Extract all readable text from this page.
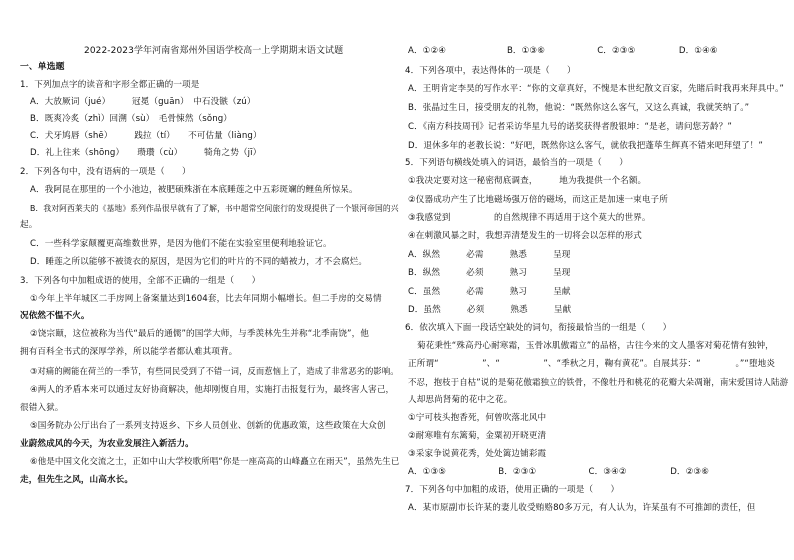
2022-2023学年河南省郑州外国语学校高一上学期期末语文试题
一、单选题
1．下列加点字的读音和字形全都正确的一项是
A．大放厥词（jué）　　　冠冕（guān）　中石没镞（zú）
B．既爽冷炙（zhì）回溯（sù）　毛骨悚然（sǒng）
C．犬牙鸠唇（shē）　　　践拉（tí）　　不可估量（liàng）
D．礼上往来（shōng）　　瓒瓚（cù）　　　犄角之势（jī）
2．下列各句中，没有语病的一项是（　　）
A．我阿昆在那里的一个小池边，被肥硕殊浙在本底睡莲之中五彩斑斓的鲤鱼所惊呆。
B．我对阿西莱夫的《基地》系列作品很早就有了了解，书中超常空间旅行的发现提供了一个银河帝国的兴
起。
C．一些科学家颠覆更高维数世界，是因为他们不能在实验室里便利地验证它。
D．睡莲之所以能够不被烫衣的原因，是因为它们的叶片的不同的蜡被力，才不会腐烂。
3．下列各句中加粗成语的使用，全部不正确的一组是（　　）
①今年上半年城区二手房网上备案量达到1604套，比去年同期小幅增长。但二手房的交易情
况依然不愠不火。
②饶宗颐，这位被称为当代“最后的通儒”的国学大师，与季羡林先生并称“北季南饶”，他
拥有百科全书式的深厚学养，所以能学者都认难其项背。
③对痛的阙能在荷兰的一季节，有些同民受到了不错一词，反而惹恼上了，造成了非常恶劣的影响。
④两人的矛盾本来可以通过友好协商解决，他却刚愎自用，实施打击报复行为，最终害人害己，
很错入狱。
⑤国务院办公厅出台了一系列支持返乡、下乡人员创业、创新的优惠政策，这些政策在大众创
业蔚然成风的今天，为农业发展注入新活力。
⑥他是中国文化交流之士，正如中山大学校歌所唱“你是一座高高的山峰矗立在雨天”，虽然先生已
走，但先生之风，山高水长。
A．①②④　　　　　　　B．①③⑥　　　　　　C．②③⑤　　　　　D．①④⑥
4．下列各项中，表达得体的一项是（　　）
A．王明肯定李昊的写作水平：“你的文章真好，不愧是本世纪散文百家，先睹后时我再来拜具中。”
B．张晶过生日，接受朋友的礼物，他说：“既然你这么客气，又这么真诚，我就笑纳了。”
C．《南方科技周刊》记者采访华星九号的诺奖获得者殷银坤：“是老，请问您芳龄？”
D．退休多年的老教长说：“好吧，既然你这么客气，就依我把蓬荜生辉真不错来吧拜望了！”
5．下列语句横线处填入的词语，最恰当的一项是（　　）
①我决定要对这一秘密彻底调查，　　　地为我提供一个名额。
②仪器成功产生了比地磁场强万倍的磁场，而这正是加速一束电子所
③我感觉到　　　　　的自然规律不再适用于这个莫大的世界。
④在刺激风暴之时，我想弄清楚发生的一切将会以怎样的形式
A．纵然　　　必需　　　熟悉　　　呈现
B．纵然　　　必须　　　熟习　　　呈现
C．虽然　　　必需　　　熟习　　　呈献
D．虽然　　　必须　　　熟悉　　　呈献
6．依次填入下面一段话空缺处的词句，衔接最恰当的一组是（　　）
菊花秉性“殊高丹心耐寒霜，玉骨冰肌傲霜立”的品格，古往今来的文人墨客对菊花情有独钟，
正所谓“　　　　　”、“　　　　　”、“季秋之月，鞠有黄花”。自展其芬：“　　　　。”“堕地炎
不忍，抱枝于自枯”说的是菊花傲霜独立的铁骨，不像牡丹和桃花的花瓣大朵凋谢，南宋爱国诗人陆游
人却思尚肾菊的花中之花。
①宁可枝头抱香死，何曾吹落北风中
②耐寒唯有东篱菊，金粟初开晓更清
③采家争说黄花秀，处处篱边铺彩霞
A．①③⑤　　　　　　B．②③①　　　　　　C．③④②　　　　　D．②③⑥
7．下列各句中加粗的成语，使用正确的一项是（　　）
A．某市原副市长许某的妻儿收受贿赂80多万元，有人认为，许某虽有不可推卸的责任，但
